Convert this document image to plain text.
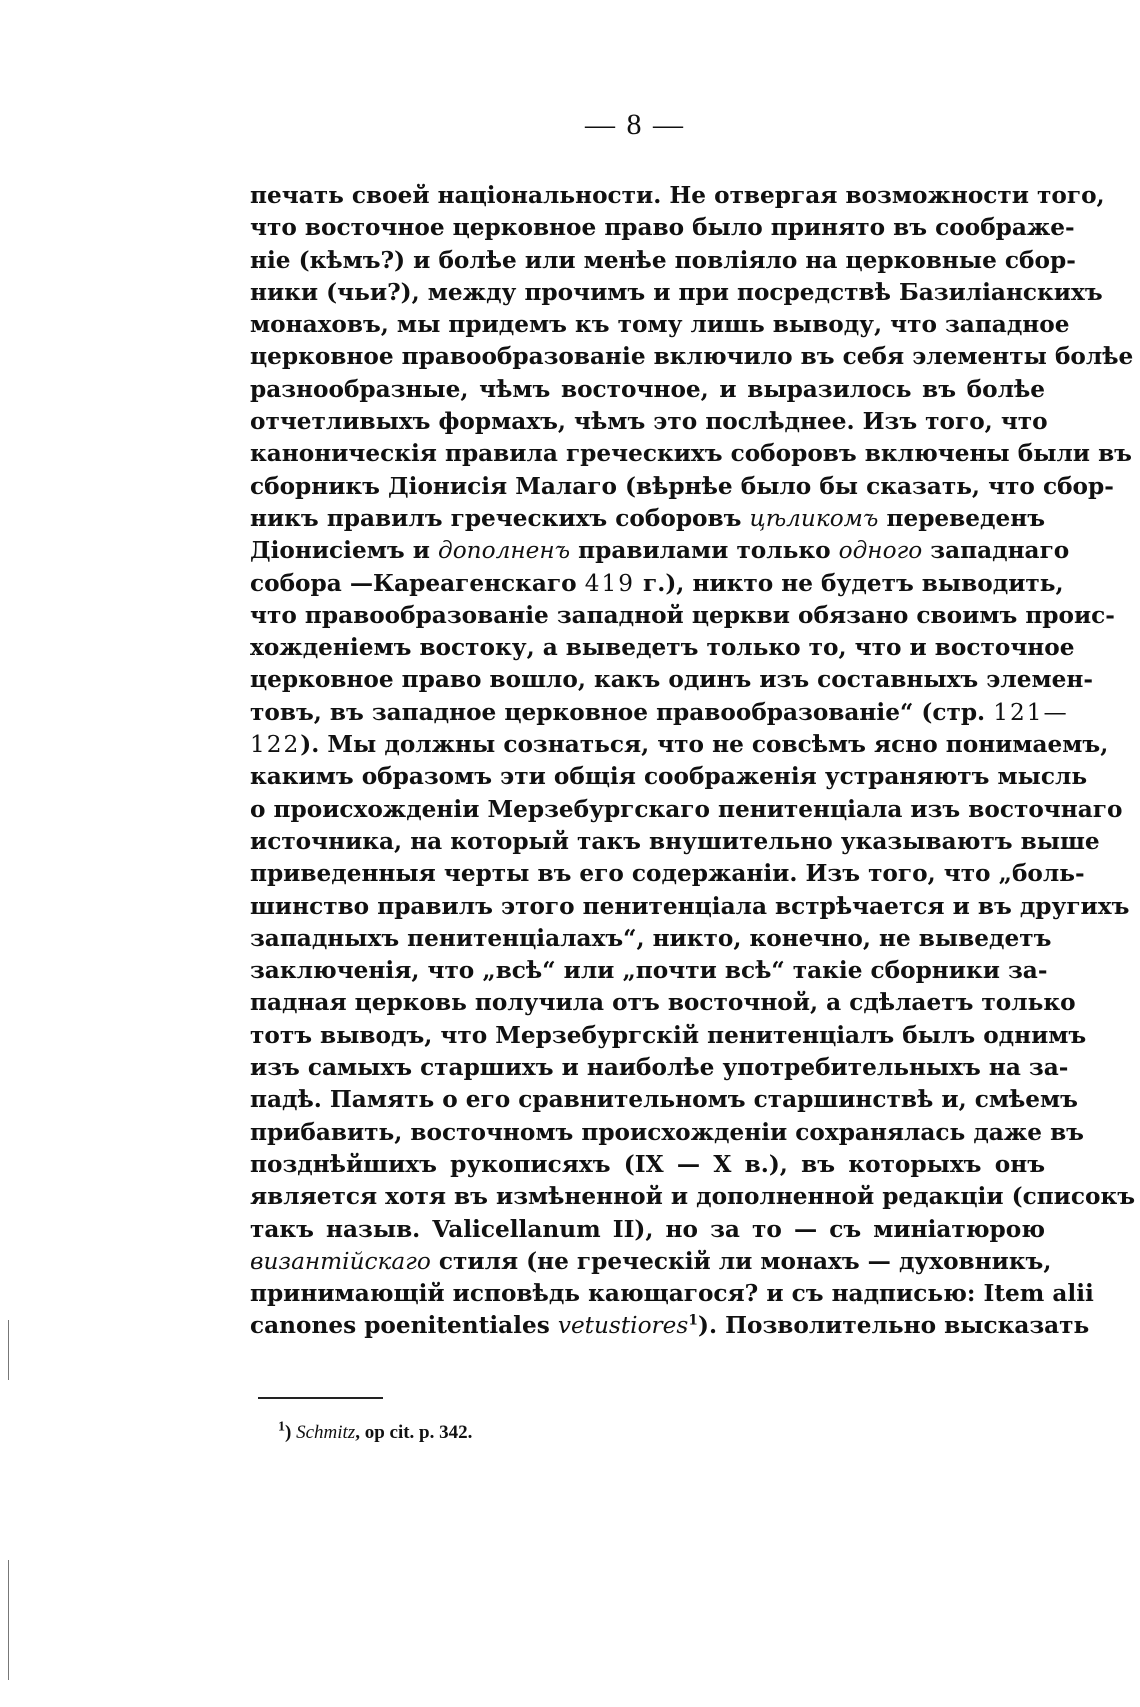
— 8 —
печать своей національности. Не отвергая возможности того,
что восточное церковное право было принято въ соображе-
ніе (кѣмъ?) и болѣе или менѣе повліяло на церковные сбор-
ники (чьи?), между прочимъ и при посредствѣ Базиліанскихъ
монаховъ, мы придемъ къ тому лишь выводу, что западное
церковное правообразованіе включило въ себя элементы болѣе
разнообразные, чѣмъ восточное, и выразилось въ болѣе
отчетливыхъ формахъ, чѣмъ это послѣднее. Изъ того, что
каноническія правила греческихъ соборовъ включены были въ
сборникъ Діонисія Малаго (вѣрнѣе было бы сказать, что сбор-
никъ правилъ греческихъ соборовъ цѣликомъ переведенъ
Діонисіемъ и дополненъ правилами только одного западнаго
собора —Кареагенскаго 419 г.), никто не будетъ выводить,
что правообразованіе западной церкви обязано своимъ проис-
хожденіемъ востоку, а выведетъ только то, что и восточное
церковное право вошло, какъ одинъ изъ составныхъ элемен-
товъ, въ западное церковное правообразованіе“ (стр. 121—
122). Мы должны сознаться, что не совсѣмъ ясно понимаемъ,
какимъ образомъ эти общія соображенія устраняютъ мысль
о происхожденіи Мерзебургскаго пенитенціала изъ восточнаго
источника, на который такъ внушительно указываютъ выше
приведенныя черты въ его содержаніи. Изъ того, что „боль-
шинство правилъ этого пенитенціала встрѣчается и въ другихъ
западныхъ пенитенціалахъ“, никто, конечно, не выведетъ
заключенія, что „всѣ“ или „почти всѣ“ такіе сборники за-
падная церковь получила отъ восточной, а сдѣлаетъ только
тотъ выводъ, что Мерзебургскій пенитенціалъ былъ однимъ
изъ самыхъ старшихъ и наиболѣе употребительныхъ на за-
падѣ. Память о его сравнительномъ старшинствѣ и, смѣемъ
прибавить, восточномъ происхожденіи сохранялась даже въ
позднѣйшихъ рукописяхъ (IX — X в.), въ которыхъ онъ
является хотя въ измѣненной и дополненной редакціи (списокъ
такъ назыв. Valicellanum II), но за то — съ миніатюрою
византійскаго стиля (не греческій ли монахъ — духовникъ,
принимающій исповѣдь кающагося? и съ надписью: Item alii
canones poenitentiales vetustiores$^1$). Позволительно высказать
$^1$) Schmitz, op cit. p. 342.
